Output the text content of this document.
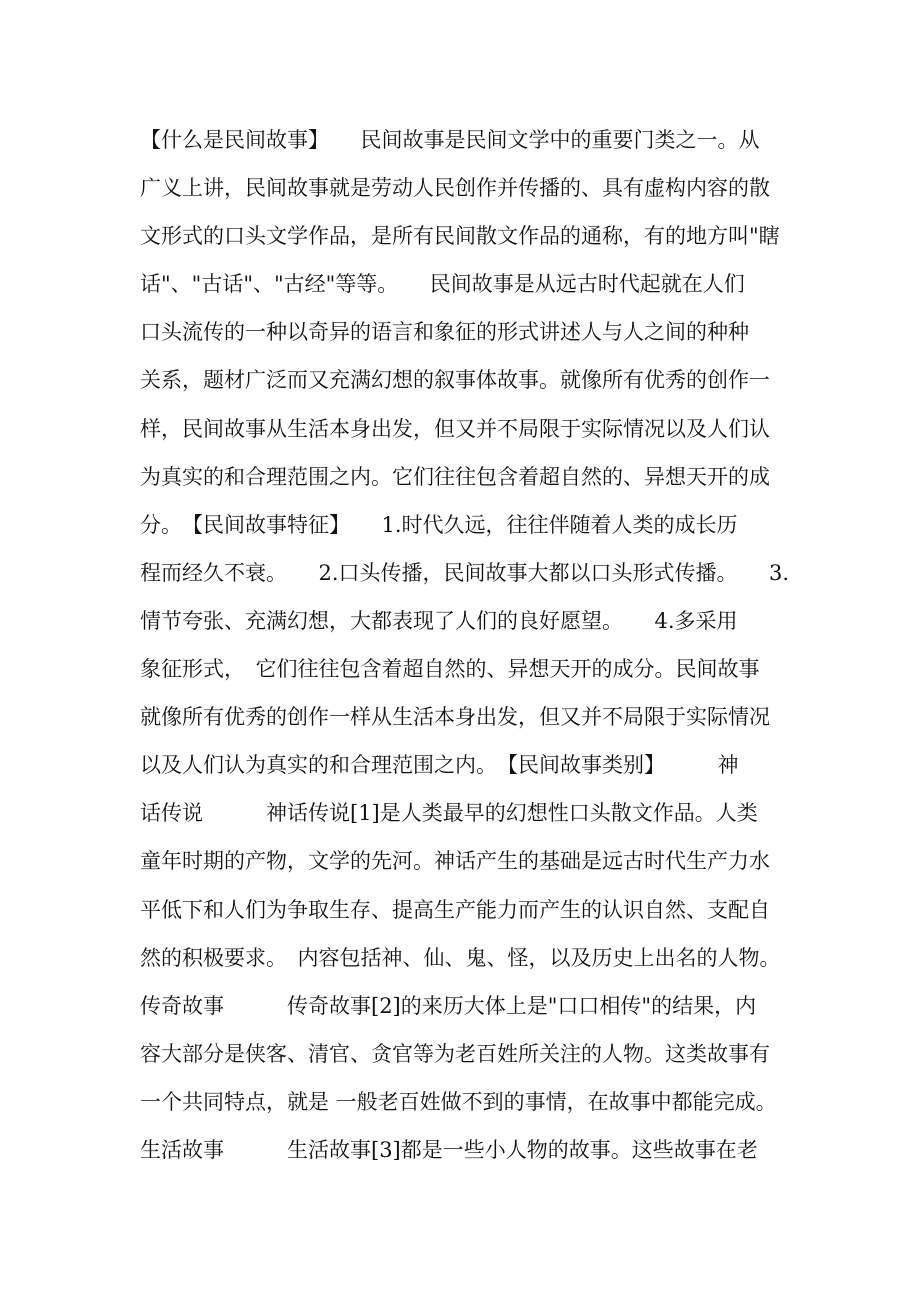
【什么是民间故事】　　民间故事是民间文学中的重要门类之一。从
广义上讲，民间故事就是劳动人民创作并传播的、具有虚构内容的散
文形式的口头文学作品，是所有民间散文作品的通称，有的地方叫"瞎
话"、"古话"、"古经"等等。　　民间故事是从远古时代起就在人们
口头流传的一种以奇异的语言和象征的形式讲述人与人之间的种种
关系，题材广泛而又充满幻想的叙事体故事。就像所有优秀的创作一
样，民间故事从生活本身出发，但又并不局限于实际情况以及人们认
为真实的和合理范围之内。它们往往包含着超自然的、异想天开的成
分。　【民间故事特征】　　1.时代久远，往往伴随着人类的成长历
程而经久不衰。　　2.口头传播，民间故事大都以口头形式传播。　　3.
情节夸张、充满幻想，大都表现了人们的良好愿望。　　4.多采用
象征形式，　它们往往包含着超自然的、异想天开的成分。民间故事
就像所有优秀的创作一样从生活本身出发，但又并不局限于实际情况
以及人们认为真实的和合理范围之内。　【民间故事类别】　　　神
话传说　　　神话传说[1]是人类最早的幻想性口头散文作品。人类
童年时期的产物，文学的先河。神话产生的基础是远古时代生产力水
平低下和人们为争取生存、提高生产能力而产生的认识自然、支配自
然的积极要求。　内容包括神、仙、鬼、怪，以及历史上出名的人物。
传奇故事　　　传奇故事[2]的来历大体上是"口口相传"的结果，内
容大部分是侠客、清官、贪官等为老百姓所关注的人物。这类故事有
一个共同特点，就是 一般老百姓做不到的事情，在故事中都能完成。
生活故事　　　生活故事[3]都是一些小人物的故事。这些故事在老
